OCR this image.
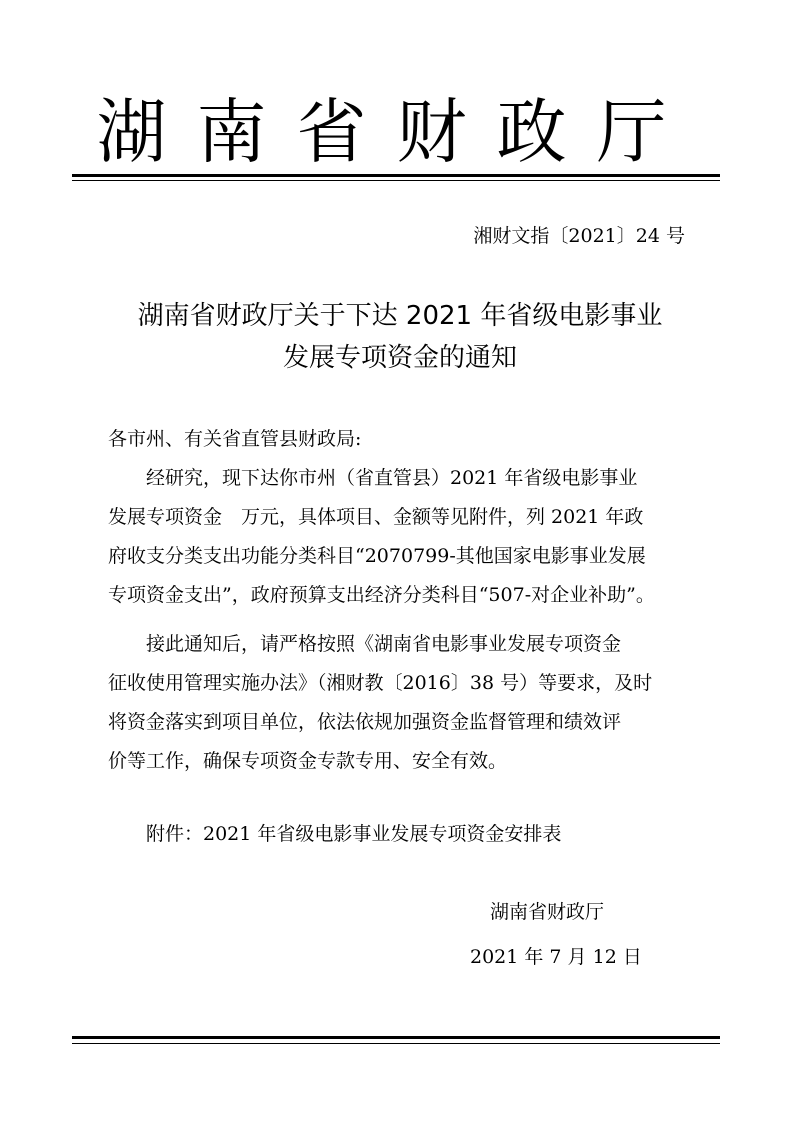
湖南省财政厅
湘财文指〔2021〕24 号
湖南省财政厅关于下达 2021 年省级电影事业
发展专项资金的通知
各市州、有关省直管县财政局:
经研究，现下达你市州（省直管县）2021 年省级电影事业
发展专项资金　万元，具体项目、金额等见附件，列 2021 年政
府收支分类支出功能分类科目“2070799-其他国家电影事业发展
专项资金支出”，政府预算支出经济分类科目“507-对企业补助”。
接此通知后，请严格按照《湖南省电影事业发展专项资金
征收使用管理实施办法》（湘财教〔2016〕38 号）等要求，及时
将资金落实到项目单位，依法依规加强资金监督管理和绩效评
价等工作，确保专项资金专款专用、安全有效。
附件：2021 年省级电影事业发展专项资金安排表
湖南省财政厅
2021 年 7 月 12 日
